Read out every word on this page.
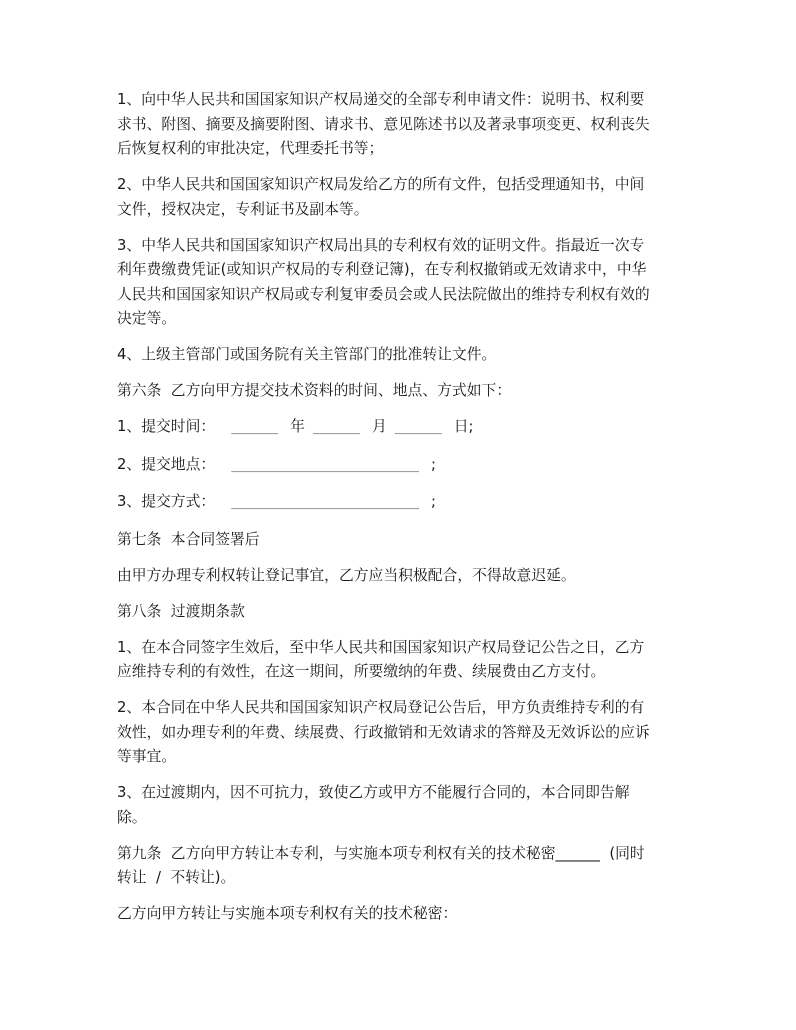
1、向中华人民共和国国家知识产权局递交的全部专利申请文件：说明书、权利要
求书、附图、摘要及摘要附图、请求书、意见陈述书以及著录事项变更、权利丧失
后恢复权利的审批决定，代理委托书等；
2、中华人民共和国国家知识产权局发给乙方的所有文件，包括受理通知书，中间
文件，授权决定，专利证书及副本等。
3、中华人民共和国国家知识产权局出具的专利权有效的证明文件。指最近一次专
利年费缴费凭证(或知识产权局的专利登记簿)，在专利权撤销或无效请求中，中华
人民共和国国家知识产权局或专利复审委员会或人民法院做出的维持专利权有效的
决定等。
4、上级主管部门或国务院有关主管部门的批准转让文件。
第六条  乙方向甲方提交技术资料的时间、地点、方式如下：
1、提交时间： ______ 年 ______ 月 ______ 日;
2、提交地点： ________________________ ;
3、提交方式： ________________________ ;
第七条  本合同签署后
由甲方办理专利权转让登记事宜，乙方应当积极配合，不得故意迟延。
第八条  过渡期条款
1、在本合同签字生效后，至中华人民共和国国家知识产权局登记公告之日，乙方
应维持专利的有效性，在这一期间，所要缴纳的年费、续展费由乙方支付。
2、本合同在中华人民共和国国家知识产权局登记公告后，甲方负责维持专利的有
效性，如办理专利的年费、续展费、行政撤销和无效请求的答辩及无效诉讼的应诉
等事宜。
3、在过渡期内，因不可抗力，致使乙方或甲方不能履行合同的，本合同即告解
除。
第九条  乙方向甲方转让本专利，与实施本项专利权有关的技术秘密______  (同时
转让  /  不转让)。
乙方向甲方转让与实施本项专利权有关的技术秘密：
